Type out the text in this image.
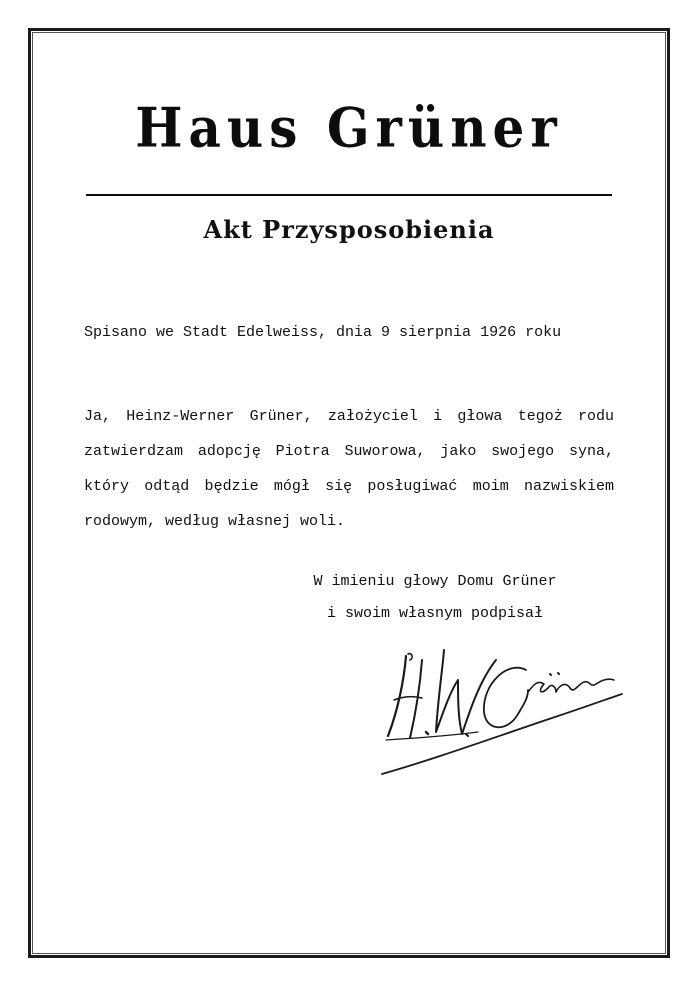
Haus Grüner
Akt Przysposobienia
Spisano we Stadt Edelweiss, dnia 9 sierpnia 1926 roku
Ja, Heinz-Werner Grüner, założyciel i głowa tegoż rodu
zatwierdzam adopcję Piotra Suworowa, jako swojego syna,
który odtąd będzie mógł się posługiwać moim nazwiskiem
rodowym, według własnej woli.
W imieniu głowy Domu Grüner
i swoim własnym podpisał
